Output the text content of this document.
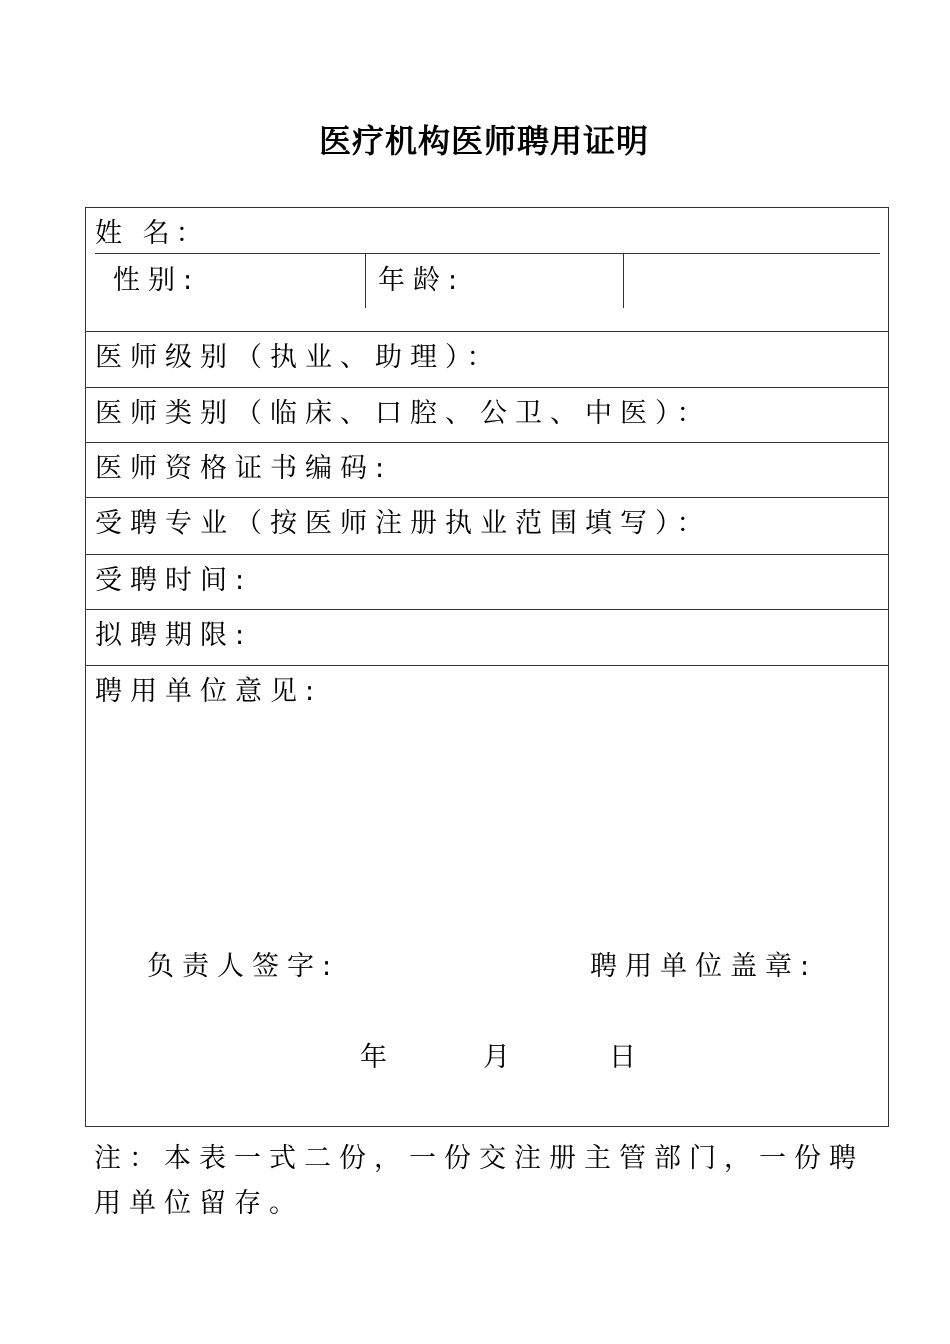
医疗机构医师聘用证明
姓 名：
性别:	年龄:
医师级别（执业、助理）：
医师类别（临床、口腔、公卫、中医）：
医师资格证书编码:
受聘专业（按医师注册执业范围填写）：
受聘时间:
拟聘期限:
聘用单位意见:
负责人签字:	聘用单位盖章:
年	月	日
注：本表一式二份，一份交注册主管部门，一份聘用单位留存。
